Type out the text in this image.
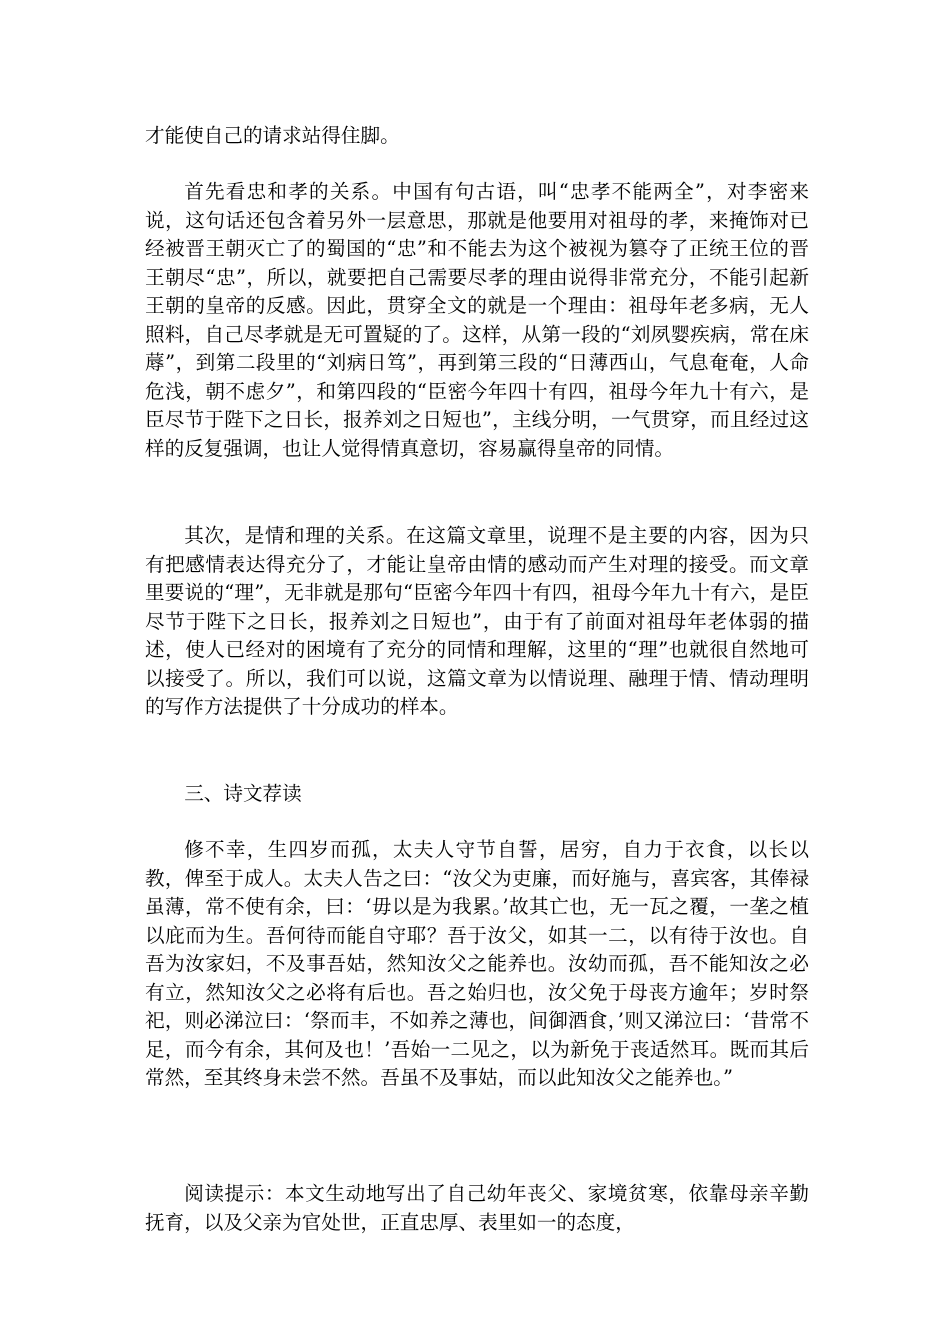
才能使自己的请求站得住脚。

首先看忠和孝的关系。中国有句古语，叫“忠孝不能两全”，对李密来说，这句话还包含着另外一层意思，那就是他要用对祖母的孝，来掩饰对已经被晋王朝灭亡了的蜀国的“忠”和不能去为这个被视为篡夺了正统王位的晋王朝尽“忠”，所以，就要把自己需要尽孝的理由说得非常充分，不能引起新王朝的皇帝的反感。因此，贯穿全文的就是一个理由：祖母年老多病，无人照料，自己尽孝就是无可置疑的了。这样，从第一段的“刘夙婴疾病，常在床蓐”，到第二段里的“刘病日笃”，再到第三段的“日薄西山，气息奄奄，人命危浅，朝不虑夕”，和第四段的“臣密今年四十有四，祖母今年九十有六，是臣尽节于陛下之日长，报养刘之日短也”，主线分明，一气贯穿，而且经过这样的反复强调，也让人觉得情真意切，容易赢得皇帝的同情。

其次，是情和理的关系。在这篇文章里，说理不是主要的内容，因为只有把感情表达得充分了，才能让皇帝由情的感动而产生对理的接受。而文章里要说的“理”，无非就是那句“臣密今年四十有四，祖母今年九十有六，是臣尽节于陛下之日长，报养刘之日短也”，由于有了前面对祖母年老体弱的描述，使人已经对的困境有了充分的同情和理解，这里的“理”也就很自然地可以接受了。所以，我们可以说，这篇文章为以情说理、融理于情、情动理明的写作方法提供了十分成功的样本。

三、诗文荐读

修不幸，生四岁而孤，太夫人守节自誓，居穷，自力于衣食，以长以教，俾至于成人。太夫人告之曰：“汝父为吏廉，而好施与，喜宾客，其俸禄虽薄，常不使有余，曰：‘毋以是为我累。’故其亡也，无一瓦之覆，一垄之植以庇而为生。吾何待而能自守耶？吾于汝父，如其一二，以有待于汝也。自吾为汝家妇，不及事吾姑，然知汝父之能养也。汝幼而孤，吾不能知汝之必有立，然知汝父之必将有后也。吾之始归也，汝父免于母丧方逾年；岁时祭祀，则必涕泣曰：‘祭而丰，不如养之薄也，间御酒食，’则又涕泣曰：‘昔常不足，而今有余，其何及也！’吾始一二见之，以为新免于丧适然耳。既而其后常然，至其终身未尝不然。吾虽不及事姑，而以此知汝父之能养也。”

阅读提示：本文生动地写出了自己幼年丧父、家境贫寒，依靠母亲辛勤抚育，以及父亲为官处世，正直忠厚、表里如一的态度，
